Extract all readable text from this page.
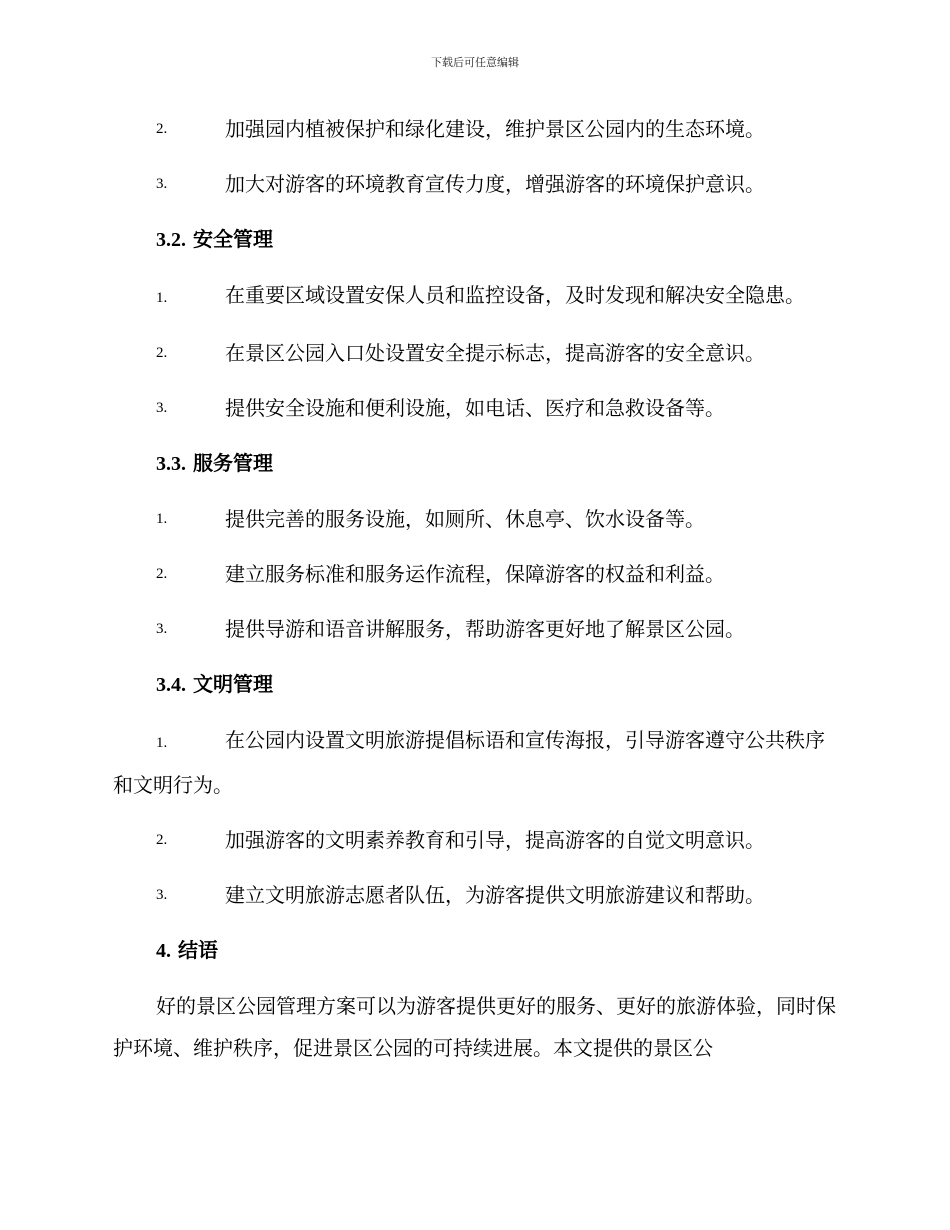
下载后可任意编辑
2.	加强园内植被保护和绿化建设，维护景区公园内的生态环境。
3.	加大对游客的环境教育宣传力度，增强游客的环境保护意识。
3.2. 安全管理
1.	在重要区域设置安保人员和监控设备，及时发现和解决安全隐患。
2.	在景区公园入口处设置安全提示标志，提高游客的安全意识。
3.	提供安全设施和便利设施，如电话、医疗和急救设备等。
3.3. 服务管理
1.	提供完善的服务设施，如厕所、休息亭、饮水设备等。
2.	建立服务标准和服务运作流程，保障游客的权益和利益。
3.	提供导游和语音讲解服务，帮助游客更好地了解景区公园。
3.4. 文明管理
1.	在公园内设置文明旅游提倡标语和宣传海报，引导游客遵守公共秩序和文明行为。
2.	加强游客的文明素养教育和引导，提高游客的自觉文明意识。
3.	建立文明旅游志愿者队伍，为游客提供文明旅游建议和帮助。
4. 结语
好的景区公园管理方案可以为游客提供更好的服务、更好的旅游体验，同时保护环境、维护秩序，促进景区公园的可持续进展。本文提供的景区公
